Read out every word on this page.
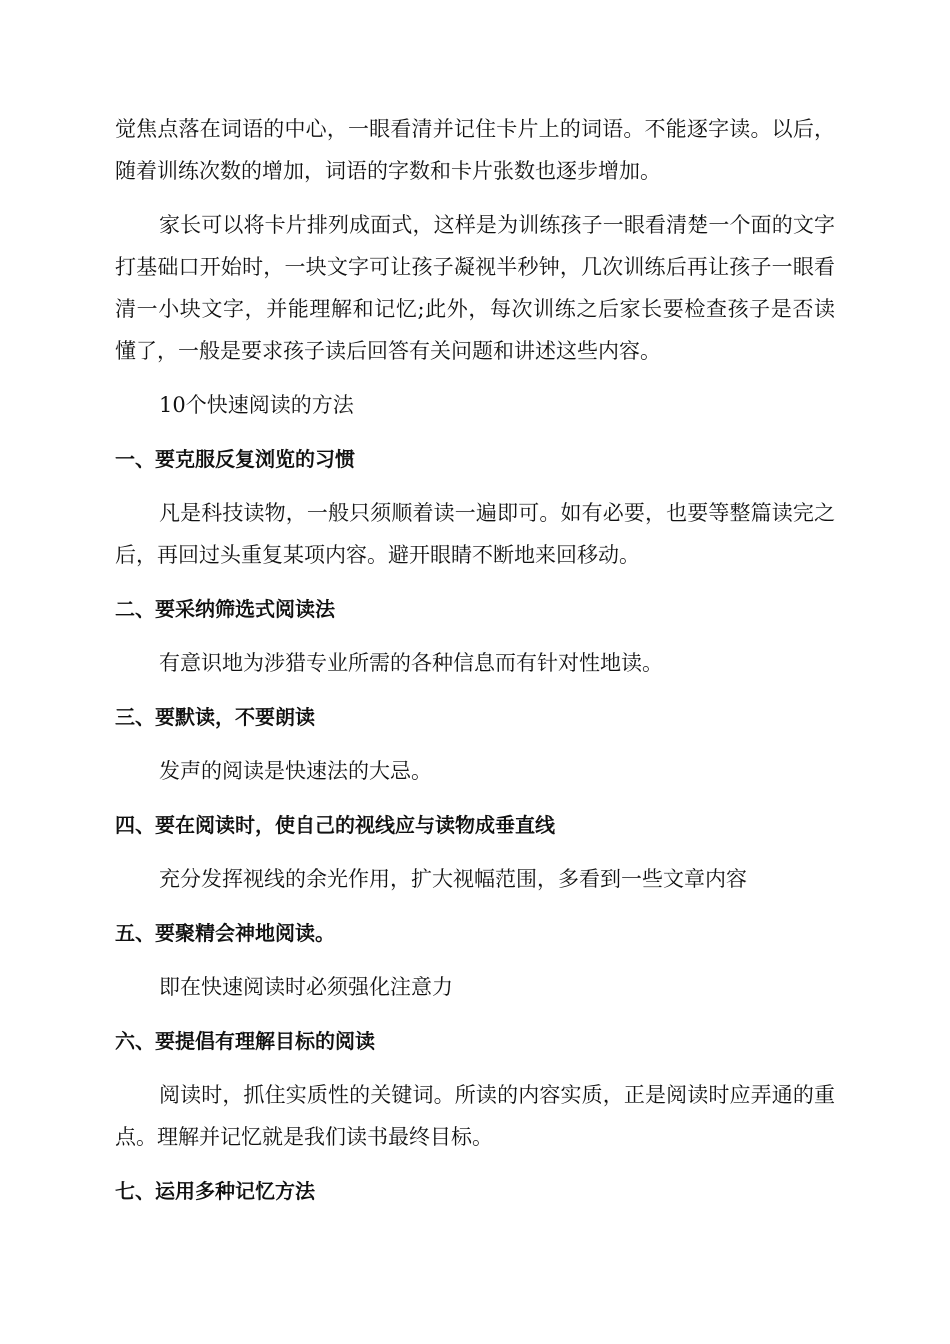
觉焦点落在词语的中心，一眼看清并记住卡片上的词语。不能逐字读。以后，随着训练次数的增加，词语的字数和卡片张数也逐步增加。

家长可以将卡片排列成面式，这样是为训练孩子一眼看清楚一个面的文字打基础口开始时，一块文字可让孩子凝视半秒钟，几次训练后再让孩子一眼看清一小块文字，并能理解和记忆;此外，每次训练之后家长要检查孩子是否读懂了，一般是要求孩子读后回答有关问题和讲述这些内容。

10个快速阅读的方法

一、要克服反复浏览的习惯

凡是科技读物，一般只须顺着读一遍即可。如有必要，也要等整篇读完之后，再回过头重复某项内容。避开眼睛不断地来回移动。

二、要采纳筛选式阅读法

有意识地为涉猎专业所需的各种信息而有针对性地读。

三、要默读，不要朗读

发声的阅读是快速法的大忌。

四、要在阅读时，使自己的视线应与读物成垂直线

充分发挥视线的余光作用，扩大视幅范围，多看到一些文章内容

五、要聚精会神地阅读。

即在快速阅读时必须强化注意力

六、要提倡有理解目标的阅读

阅读时，抓住实质性的关键词。所读的内容实质，正是阅读时应弄通的重点。理解并记忆就是我们读书最终目标。

七、运用多种记忆方法
